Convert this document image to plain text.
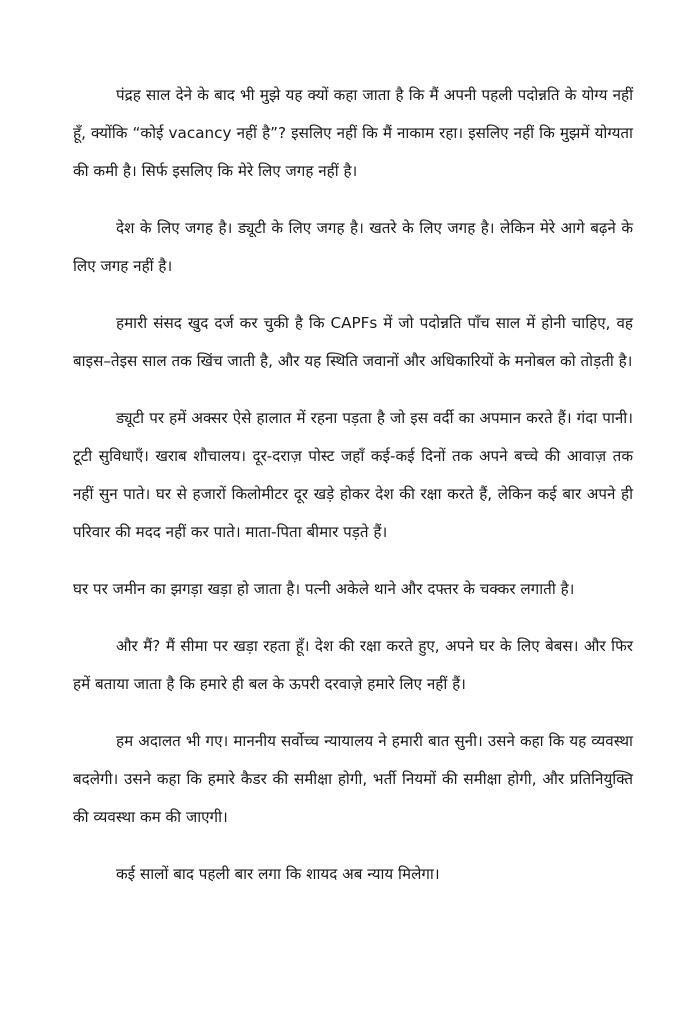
पंद्रह साल देने के बाद भी मुझे यह क्यों कहा जाता है कि मैं अपनी पहली पदोन्नति के योग्य नहीं हूँ, क्योंकि “कोई vacancy नहीं है”? इसलिए नहीं कि मैं नाकाम रहा। इसलिए नहीं कि मुझमें योग्यता की कमी है। सिर्फ इसलिए कि मेरे लिए जगह नहीं है।

देश के लिए जगह है। ड्यूटी के लिए जगह है। खतरे के लिए जगह है। लेकिन मेरे आगे बढ़ने के लिए जगह नहीं है।

हमारी संसद खुद दर्ज कर चुकी है कि CAPFs में जो पदोन्नति पाँच साल में होनी चाहिए, वह बाइस–तेइस साल तक खिंच जाती है, और यह स्थिति जवानों और अधिकारियों के मनोबल को तोड़ती है।

ड्यूटी पर हमें अक्सर ऐसे हालात में रहना पड़ता है जो इस वर्दी का अपमान करते हैं। गंदा पानी। टूटी सुविधाएँ। खराब शौचालय। दूर-दराज़ पोस्ट जहाँ कई-कई दिनों तक अपने बच्चे की आवाज़ तक नहीं सुन पाते। घर से हजारों किलोमीटर दूर खड़े होकर देश की रक्षा करते हैं, लेकिन कई बार अपने ही परिवार की मदद नहीं कर पाते। माता-पिता बीमार पड़ते हैं।

घर पर जमीन का झगड़ा खड़ा हो जाता है। पत्नी अकेले थाने और दफ्तर के चक्कर लगाती है।

और मैं? मैं सीमा पर खड़ा रहता हूँ। देश की रक्षा करते हुए, अपने घर के लिए बेबस। और फिर हमें बताया जाता है कि हमारे ही बल के ऊपरी दरवाज़े हमारे लिए नहीं हैं।

हम अदालत भी गए। माननीय सर्वोच्च न्यायालय ने हमारी बात सुनी। उसने कहा कि यह व्यवस्था बदलेगी। उसने कहा कि हमारे कैडर की समीक्षा होगी, भर्ती नियमों की समीक्षा होगी, और प्रतिनियुक्ति की व्यवस्था कम की जाएगी।

कई सालों बाद पहली बार लगा कि शायद अब न्याय मिलेगा।
